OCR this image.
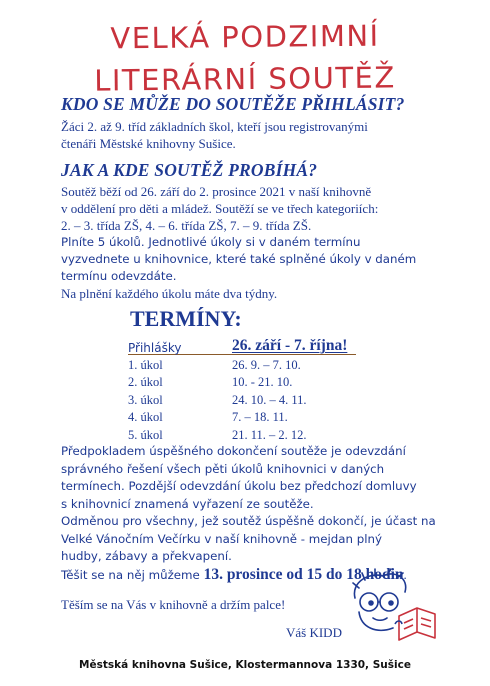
VELKÁ PODZIMNÍ
LITERÁRNÍ SOUTĚŽ
KDO SE MŮŽE DO SOUTĚŽE PŘIHLÁSIT?
Žáci 2. až 9. tříd základních škol, kteří jsou registrovanými
čtenáři Městské knihovny Sušice.
JAK A KDE SOUTĚŽ PROBÍHÁ?
Soutěž běží od 26. září do 2. prosince 2021 v naší knihovně
v oddělení pro děti a mládež. Soutěží se ve třech kategoriích:
2. – 3. třída ZŠ, 4. – 6. třída ZŠ, 7. – 9. třída ZŠ.
Plníte 5 úkolů. Jednotlivé úkoly si v daném termínu
vyzvednete u knihovnice, které také splněné úkoly v daném
termínu odevzdáte.
Na plnění každého úkolu máte dva týdny.
TERMÍNY:
Přihlášky	26. září - 7. října!
1. úkol	26. 9. – 7. 10.
2. úkol	10. - 21. 10.
3. úkol	24. 10. – 4. 11.
4. úkol	7. – 18. 11.
5. úkol	21. 11. – 2. 12.
Předpokladem úspěšného dokončení soutěže je odevzdání
správného řešení všech pěti úkolů knihovnici v daných
termínech. Pozdější odevzdání úkolu bez předchozí domluvy
s knihovnicí znamená vyřazení ze soutěže.
Odměnou pro všechny, jež soutěž úspěšně dokončí, je účast na
Velké Vánočním Večírku v naší knihovně - mejdan plný
hudby, zábavy a překvapení.
Těšit se na něj můžeme 13. prosince od 15 do 18 hodin.
Těším se na Vás v knihovně a držím palce!
Váš KIDD
Městská knihovna Sušice, Klostermannova 1330, Sušice
